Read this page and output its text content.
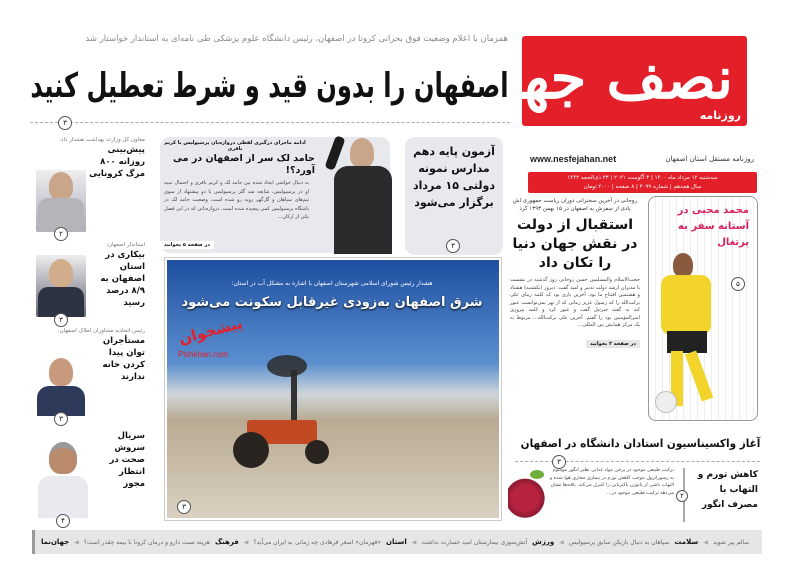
نصف جهان
روزنامه
www.nesfejahan.net	روزنامه مستقل استان اصفهان
سه‌شنبه ۱۲ مرداد ماه ۱۴۰۰ | ۳ آگوست ۲۰۲۱ | ۲۳ ذی‌الحجه ۱۴۴۲
سال هجدهم | شماره ۴۰۹۹ | ۸ صفحه | ۲۰۰۰ تومان
همزمان با اعلام وضعیت فوق بحرانی کرونا در اصفهان، رئیس دانشگاه علوم پزشکی طی نامه‌ای به استاندار خواستار شد
اصفهان را بدون قید و شرط تعطیل کنید
۳
آزمون پایه دهم مدارس نمونه دولتی ۱۵ مرداد برگزار می‌شود
۳
ادامه ماجرای درگیری لفظی دروازه‌بان پرسپولیس با کریم باقری
حامد لک سر از اصفهان در می آورد؟!
به دنبال حواشی ایجاد شده بین حامد لک و کریم باقری و احتمال تنبیه او در پرسپولیس، شایعه شد گلر پرسپولیس با دو پیشنهاد از سوی تیم‌های سپاهان و گل‌گهر روبه رو شده است. وضعیت حامد لک در باشگاه پرسپولیس کمی پیچیده شده است. دروازه‌بانی که در این فصل یکی از ارکان...
در صفحه ۵ بخوانید
معاون کل وزارت بهداشت هشدار داد:
پیش‌بینی روزانه ۸۰۰ مرگ کرونایی
۲
استاندار اصفهان:
بیکاری در استان اصفهان به ۸/۹ درصد رسید
۳
رئیس اتحادیه مشاوران املاک اصفهان:
مستأجران توان پیدا کردن خانه ندارند
۳
سریال سروش صحت در انتظار مجوز
۴
هشدار رئیس شورای اسلامی شهرستان اصفهان با اشاره به مشکل آب در استان:
شرق اصفهان به‌زودی غیرقابل سکونت می‌شود
۳
پیشخوان
Pishkhan.com
روحانی در آخرین سخنرانی دوران ریاست جمهوری اش یادی از سفرش به اصفهان در ۱۵ بهمن ۱۳۹۳ کرد
استقبال از دولت در نقش جهان دنیا را تکان داد
حجت‌الاسلام والمسلمین حسن روحانی روز گذشته در نشست با مدیران ارشد دولت تدبیر و امید گفت: دیروز (یکشنبه) هشتاد و هشتمین افتتاح ما بود. آخرین باری بود که کلمه زیبای علی برکت‌الله را که رسول عزیز زمانی که از تهر نمی‌توانست عبور کند به گفته جبرئیل گفت و عبور کرد و کلمه پیروزی امیرالمؤمنین بود را گفتم. آخرین علی برکت‌الله... مربوط به یک مرکز همایش بین المللی...
در صفحه ۲ بخوانید
محمد محبی در آستانه سفر به پرتغال
۵
آغاز واکسیناسیون استادان دانشگاه در اصفهان
۳
کاهش تورم و التهاب با مصرف انگور
۲
ترکیب طبیعی موجود در برخی مواد غذایی نظیر انگور موسوم به رسوراترول موجب کاهش تورم در بیماری مجاری هوا شده و التهاب ناشی از پاتوژن باکتریایی را کنترل می‌کند. یافته‌ها نشان می‌دهد ترکیب طبیعی موجود در...
جهان‌نما ◀ هزینه تست دارو و درمان کرونا با بیمه چقدر است؟ فرهنگ ◀ «فهرمان» اصغر فرهادی چه زمانی به ایران می‌آید؟ استان ◀ آتش‌سوزی بیمارستان امید خسارت نداشت ورزش ◀ سپاهان به دنبال بازیکن سابق پرسپولیس سلامت ◀ سالم پیر شوید
